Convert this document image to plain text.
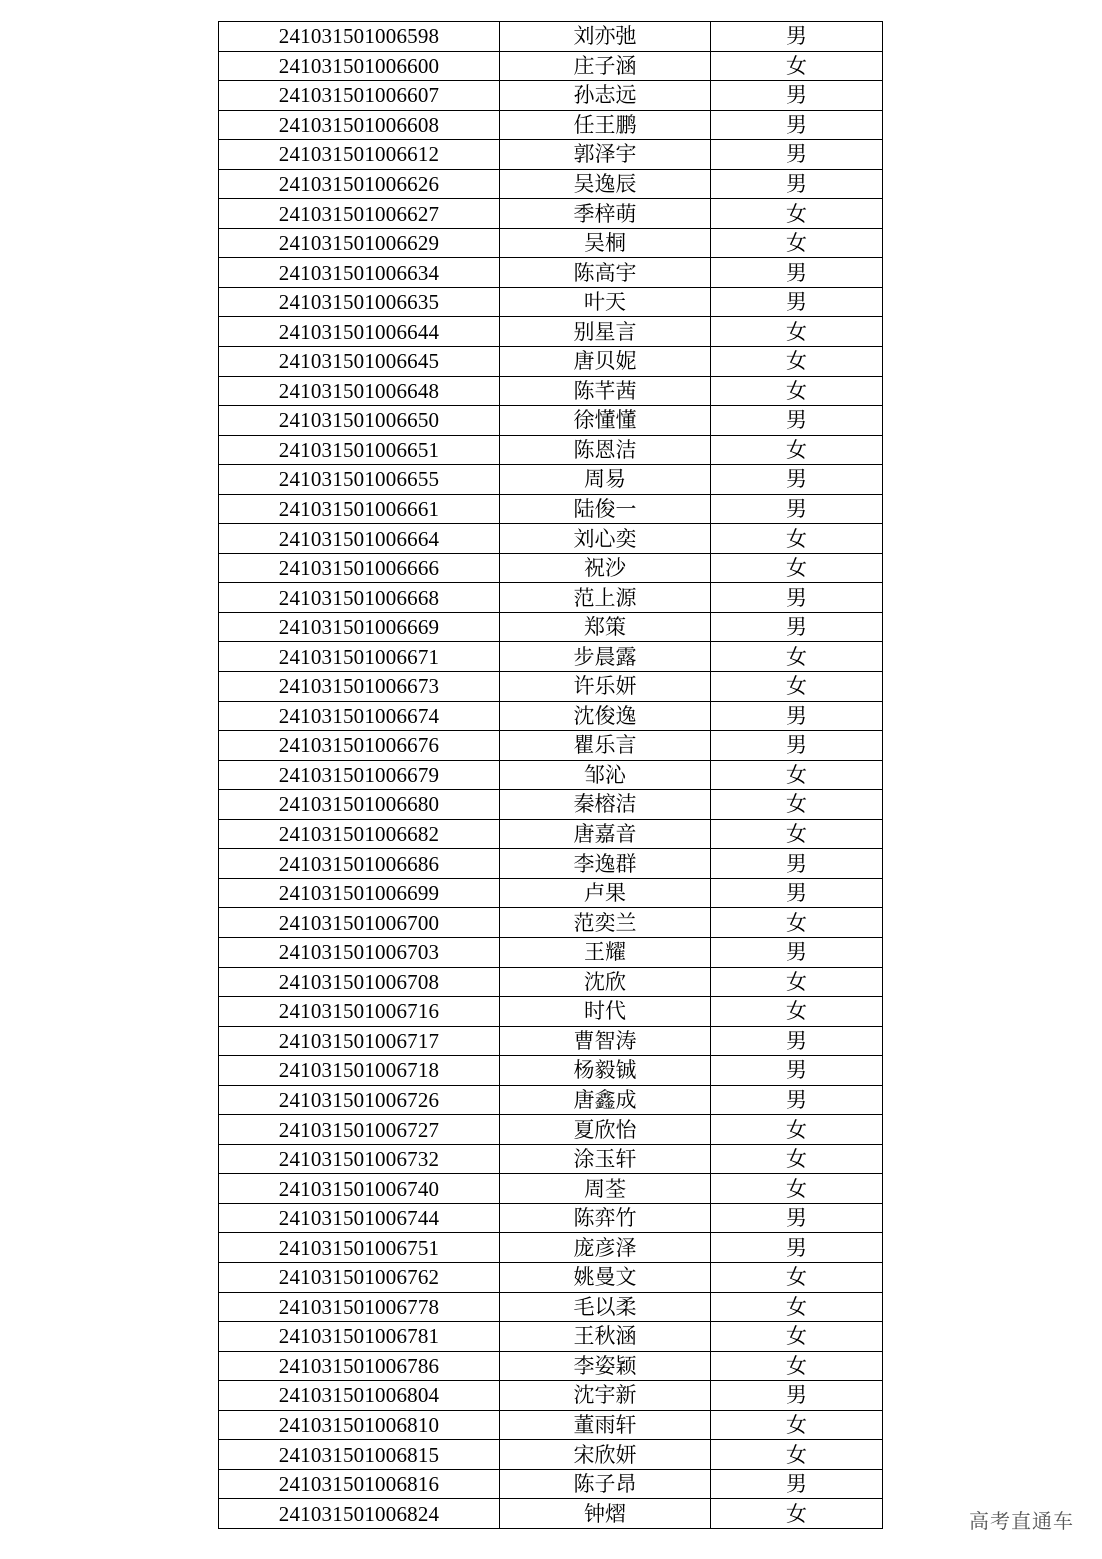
241031501006598	刘亦弛	男
241031501006600	庄子涵	女
241031501006607	孙志远	男
241031501006608	任王鹏	男
241031501006612	郭泽宇	男
241031501006626	吴逸辰	男
241031501006627	季梓萌	女
241031501006629	吴桐	女
241031501006634	陈高宇	男
241031501006635	叶天	男
241031501006644	别星言	女
241031501006645	唐贝妮	女
241031501006648	陈芊茜	女
241031501006650	徐懂懂	男
241031501006651	陈恩洁	女
241031501006655	周易	男
241031501006661	陆俊一	男
241031501006664	刘心奕	女
241031501006666	祝沙	女
241031501006668	范上源	男
241031501006669	郑策	男
241031501006671	步晨露	女
241031501006673	许乐妍	女
241031501006674	沈俊逸	男
241031501006676	瞿乐言	男
241031501006679	邹沁	女
241031501006680	秦榕洁	女
241031501006682	唐嘉音	女
241031501006686	李逸群	男
241031501006699	卢果	男
241031501006700	范奕兰	女
241031501006703	王耀	男
241031501006708	沈欣	女
241031501006716	时代	女
241031501006717	曹智涛	男
241031501006718	杨毅铖	男
241031501006726	唐鑫成	男
241031501006727	夏欣怡	女
241031501006732	涂玉轩	女
241031501006740	周荃	女
241031501006744	陈弈竹	男
241031501006751	庞彦泽	男
241031501006762	姚曼文	女
241031501006778	毛以柔	女
241031501006781	王秋涵	女
241031501006786	李姿颖	女
241031501006804	沈宇新	男
241031501006810	董雨轩	女
241031501006815	宋欣妍	女
241031501006816	陈子昂	男
241031501006824	钟熠	女	高考直通车
